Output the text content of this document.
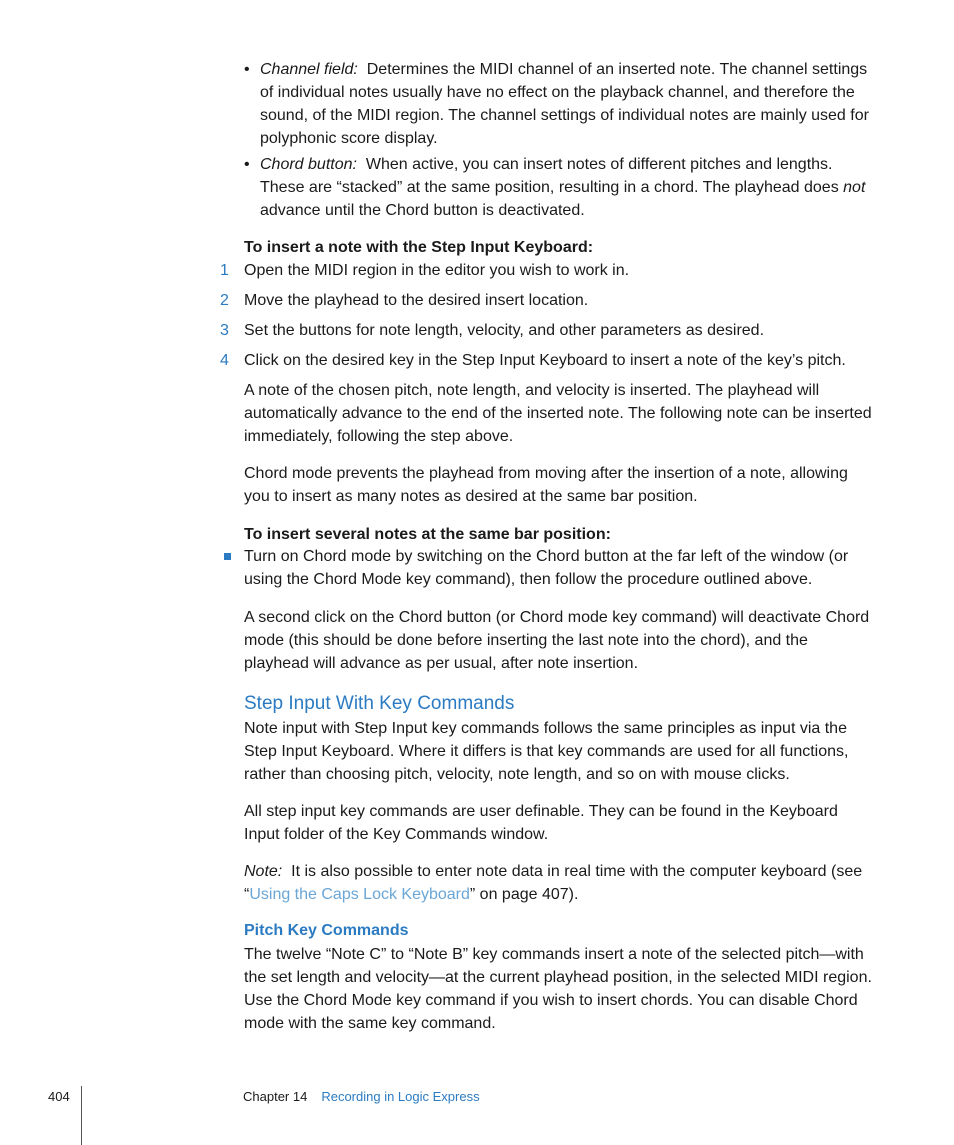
• Channel field: Determines the MIDI channel of an inserted note. The channel settings of individual notes usually have no effect on the playback channel, and therefore the sound, of the MIDI region. The channel settings of individual notes are mainly used for polyphonic score display.
• Chord button: When active, you can insert notes of different pitches and lengths. These are “stacked” at the same position, resulting in a chord. The playhead does not advance until the Chord button is deactivated.
To insert a note with the Step Input Keyboard:
1 Open the MIDI region in the editor you wish to work in.
2 Move the playhead to the desired insert location.
3 Set the buttons for note length, velocity, and other parameters as desired.
4 Click on the desired key in the Step Input Keyboard to insert a note of the key’s pitch.
A note of the chosen pitch, note length, and velocity is inserted. The playhead will automatically advance to the end of the inserted note. The following note can be inserted immediately, following the step above.
Chord mode prevents the playhead from moving after the insertion of a note, allowing you to insert as many notes as desired at the same bar position.
To insert several notes at the same bar position:
Turn on Chord mode by switching on the Chord button at the far left of the window (or using the Chord Mode key command), then follow the procedure outlined above.
A second click on the Chord button (or Chord mode key command) will deactivate Chord mode (this should be done before inserting the last note into the chord), and the playhead will advance as per usual, after note insertion.
Step Input With Key Commands
Note input with Step Input key commands follows the same principles as input via the Step Input Keyboard. Where it differs is that key commands are used for all functions, rather than choosing pitch, velocity, note length, and so on with mouse clicks.
All step input key commands are user definable. They can be found in the Keyboard Input folder of the Key Commands window.
Note: It is also possible to enter note data in real time with the computer keyboard (see “Using the Caps Lock Keyboard” on page 407).
Pitch Key Commands
The twelve “Note C” to “Note B” key commands insert a note of the selected pitch—with the set length and velocity—at the current playhead position, in the selected MIDI region. Use the Chord Mode key command if you wish to insert chords. You can disable Chord mode with the same key command.
404	Chapter 14 Recording in Logic Express
